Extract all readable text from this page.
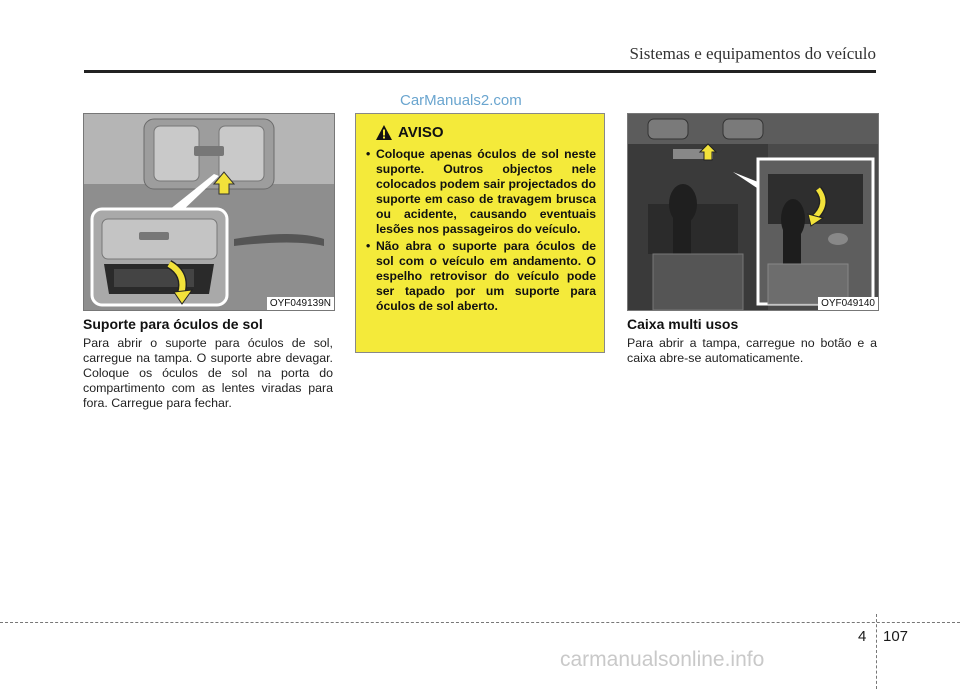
Sistemas e equipamentos do veículo
CarManuals2.com
OYF049139N
Suporte para óculos de sol
Para abrir o suporte para óculos de sol, carregue na tampa. O suporte abre devagar. Coloque os óculos de sol na porta do compartimento com as lentes viradas para fora. Carregue para fechar.
AVISO
• Coloque apenas óculos de sol neste suporte. Outros objectos nele colocados podem sair projectados do suporte em caso de travagem brusca ou acidente, causando eventuais lesões nos passageiros do veículo.
• Não abra o suporte para óculos de sol com o veículo em andamento. O espelho retrovisor do veículo pode ser tapado por um suporte para óculos de sol aberto.	OYF049140
Caixa multi usos
Para abrir a tampa, carregue no botão e a caixa abre-se automaticamente.
4 107
carmanualsonline.info
